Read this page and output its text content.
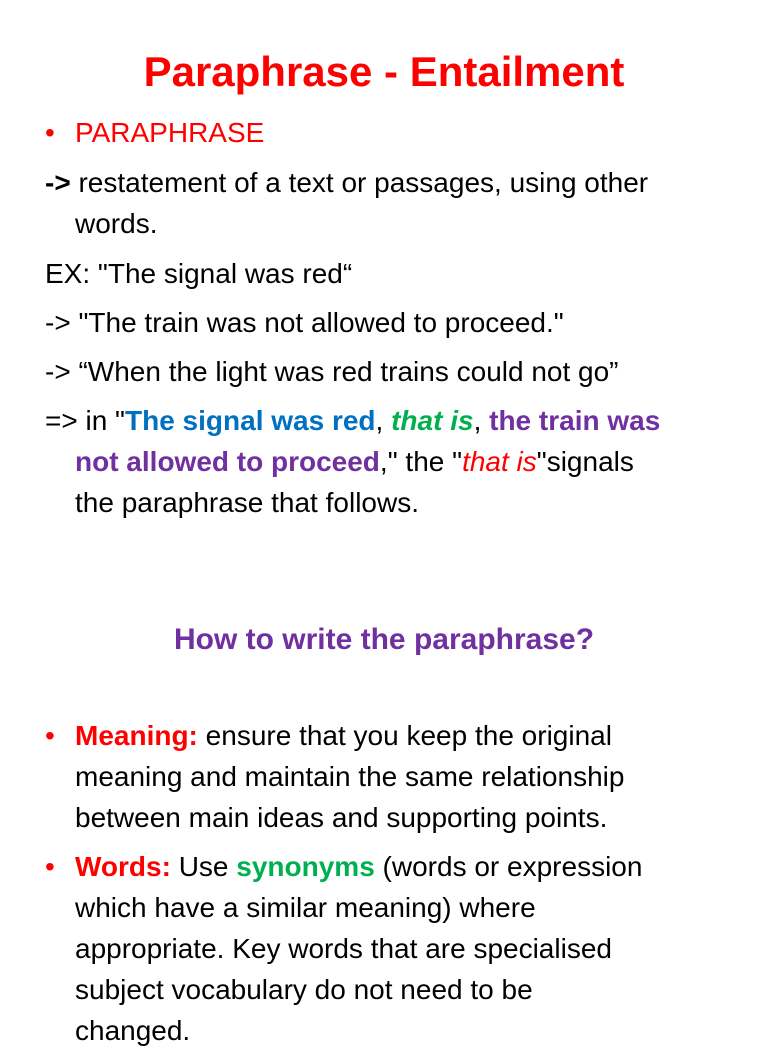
Paraphrase - Entailment
• PARAPHRASE
-> restatement of a text or passages, using other
words.
EX: "The signal was red“
-> "The train was not allowed to proceed."
-> “When the light was red trains could not go”
=> in "The signal was red, that is, the train was
not allowed to proceed," the "that is"signals
the paraphrase that follows.
How to write the paraphrase?
• Meaning: ensure that you keep the original
meaning and maintain the same relationship
between main ideas and supporting points.
• Words: Use synonyms (words or expression
which have a similar meaning) where
appropriate. Key words that are specialised
subject vocabulary do not need to be
changed.
